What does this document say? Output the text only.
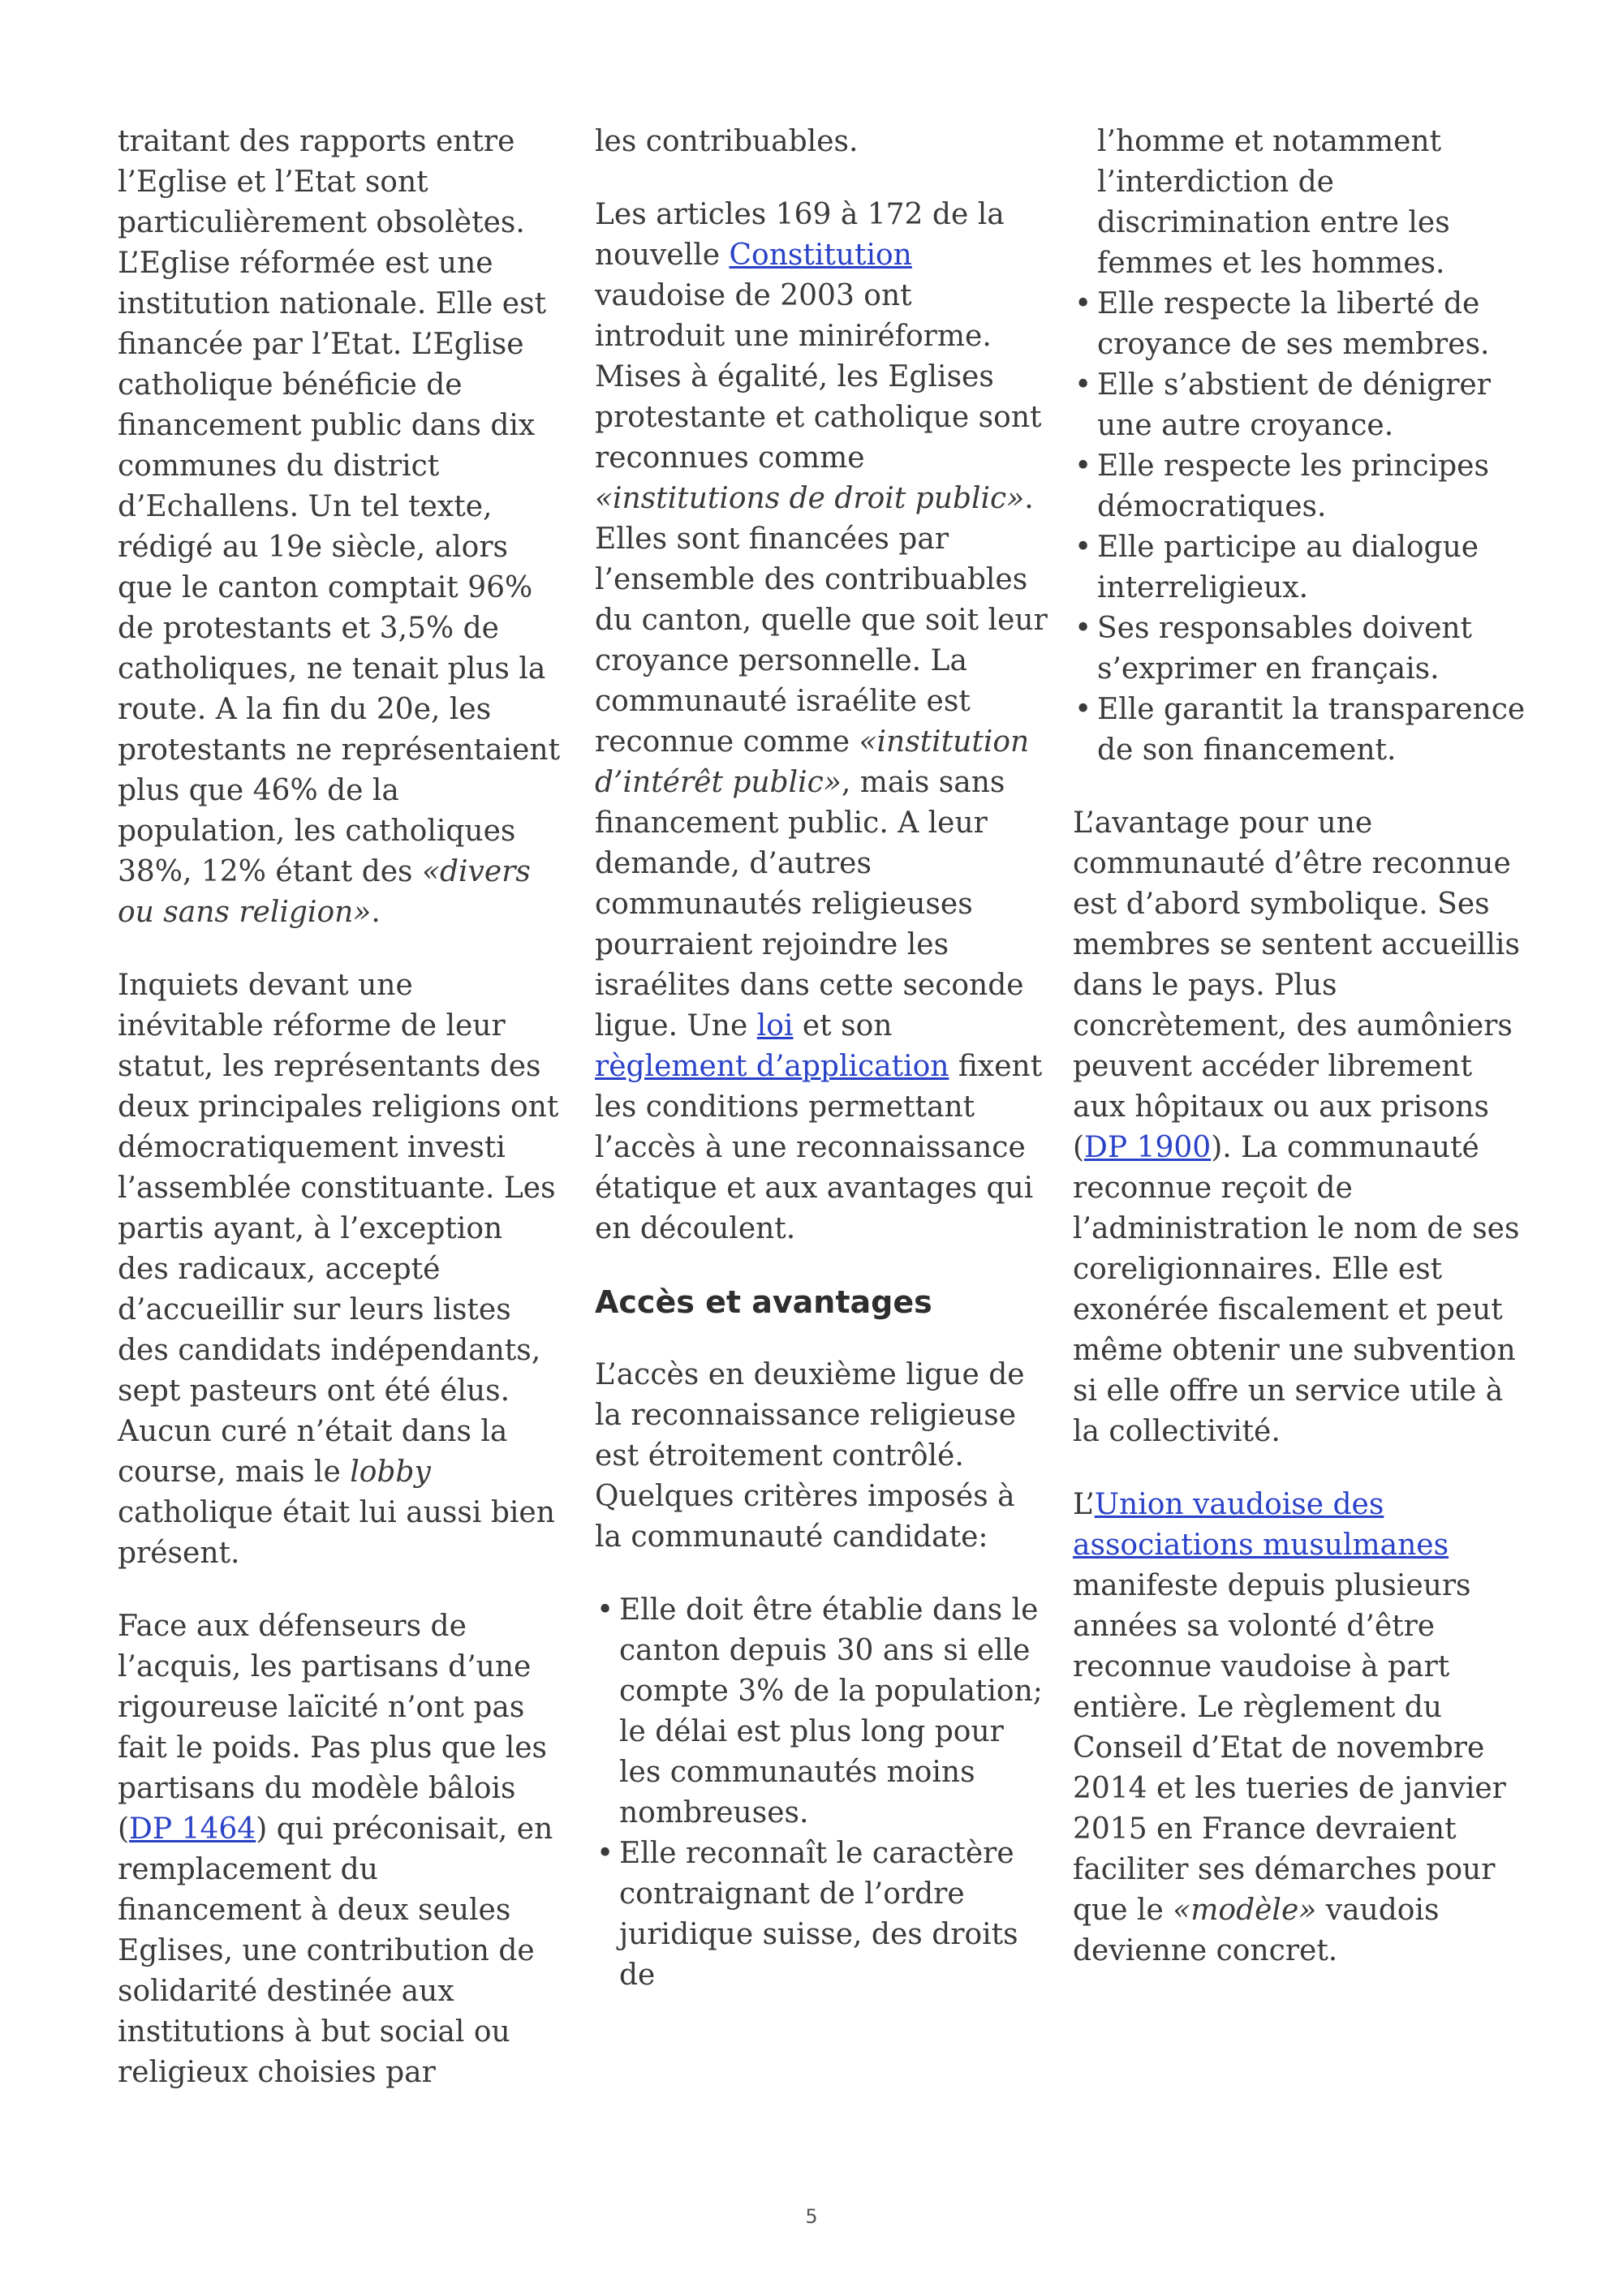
traitant des rapports entre l’Eglise et l’Etat sont particulièrement obsolètes. L’Eglise réformée est une institution nationale. Elle est financée par l’Etat. L’Eglise catholique bénéficie de financement public dans dix communes du district d’Echallens. Un tel texte, rédigé au 19e siècle, alors que le canton comptait 96% de protestants et 3,5% de catholiques, ne tenait plus la route. A la fin du 20e, les protestants ne représentaient plus que 46% de la population, les catholiques 38%, 12% étant des «divers ou sans religion».

Inquiets devant une inévitable réforme de leur statut, les représentants des deux principales religions ont démocratiquement investi l’assemblée constituante. Les partis ayant, à l’exception des radicaux, accepté d’accueillir sur leurs listes des candidats indépendants, sept pasteurs ont été élus. Aucun curé n’était dans la course, mais le lobby catholique était lui aussi bien présent.

Face aux défenseurs de l’acquis, les partisans d’une rigoureuse laïcité n’ont pas fait le poids. Pas plus que les partisans du modèle bâlois (DP 1464) qui préconisait, en remplacement du financement à deux seules Eglises, une contribution de solidarité destinée aux institutions à but social ou religieux choisies par

les contribuables.

Les articles 169 à 172 de la nouvelle Constitution vaudoise de 2003 ont introduit une miniréforme. Mises à égalité, les Eglises protestante et catholique sont reconnues comme «institutions de droit public». Elles sont financées par l’ensemble des contribuables du canton, quelle que soit leur croyance personnelle. La communauté israélite est reconnue comme «institution d’intérêt public», mais sans financement public. A leur demande, d’autres communautés religieuses pourraient rejoindre les israélites dans cette seconde ligue. Une loi et son règlement d’application fixent les conditions permettant l’accès à une reconnaissance étatique et aux avantages qui en découlent.

Accès et avantages

L’accès en deuxième ligue de la reconnaissance religieuse est étroitement contrôlé. Quelques critères imposés à la communauté candidate:

• Elle doit être établie dans le canton depuis 30 ans si elle compte 3% de la population; le délai est plus long pour les communautés moins nombreuses.
• Elle reconnaît le caractère contraignant de l’ordre juridique suisse, des droits de
l’homme et notamment l’interdiction de discrimination entre les femmes et les hommes.
• Elle respecte la liberté de croyance de ses membres.
• Elle s’abstient de dénigrer une autre croyance.
• Elle respecte les principes démocratiques.
• Elle participe au dialogue interreligieux.
• Ses responsables doivent s’exprimer en français.
• Elle garantit la transparence de son financement.

L’avantage pour une communauté d’être reconnue est d’abord symbolique. Ses membres se sentent accueillis dans le pays. Plus concrètement, des aumôniers peuvent accéder librement aux hôpitaux ou aux prisons (DP 1900). La communauté reconnue reçoit de l’administration le nom de ses coreligionnaires. Elle est exonérée fiscalement et peut même obtenir une subvention si elle offre un service utile à la collectivité.

L’Union vaudoise des associations musulmanes manifeste depuis plusieurs années sa volonté d’être reconnue vaudoise à part entière. Le règlement du Conseil d’Etat de novembre 2014 et les tueries de janvier 2015 en France devraient faciliter ses démarches pour que le «modèle» vaudois devienne concret.

5
